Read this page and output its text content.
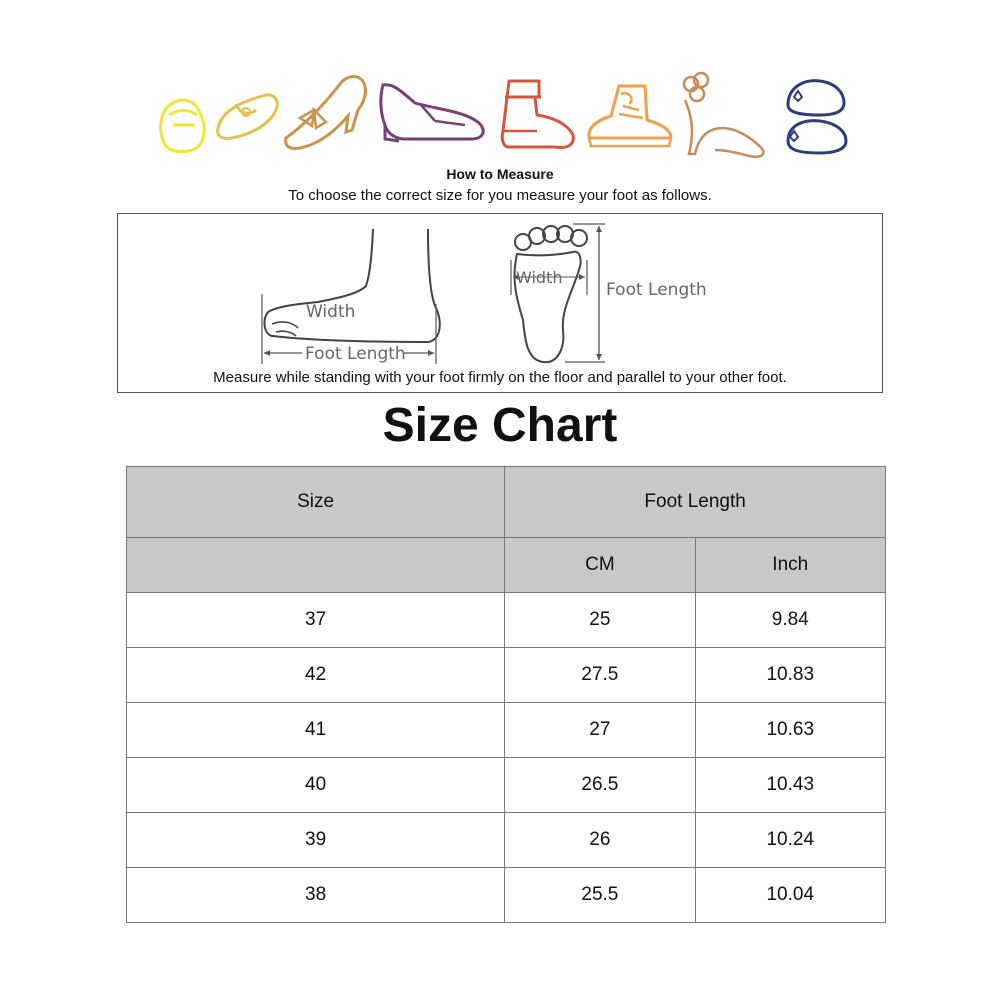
How to Measure
To choose the correct size for you measure your foot as follows.
Width
Foot Length
Width
Foot Length
Measure while standing with your foot firmly on the floor and parallel to your other foot.
Size Chart
Size	Foot Length	
	CM	Inch
37	25	9.84
42	27.5	10.83
41	27	10.63
40	26.5	10.43
39	26	10.24
38	25.5	10.04
